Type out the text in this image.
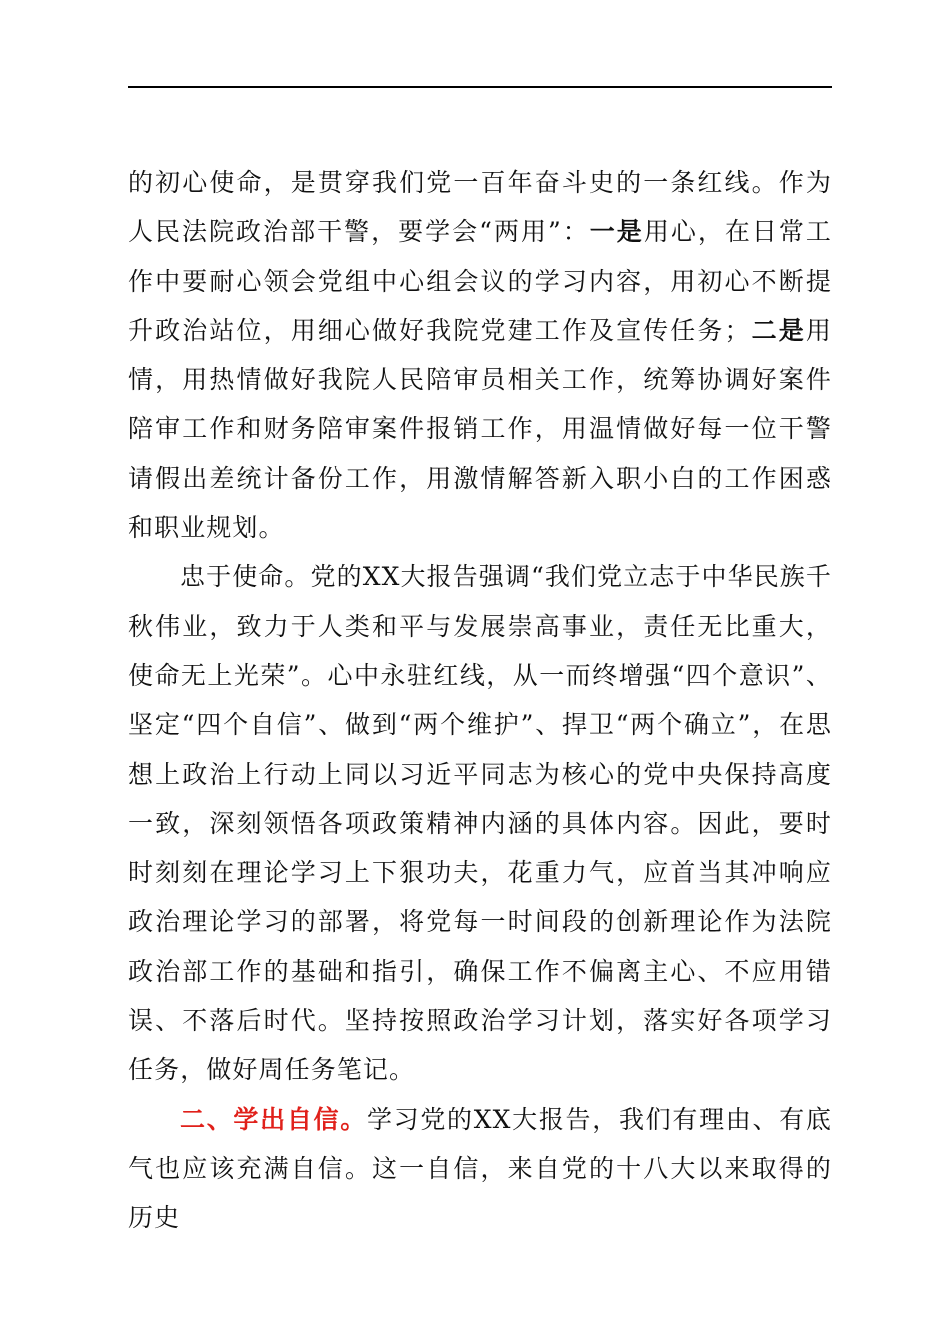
的初心使命，是贯穿我们党一百年奋斗史的一条红线。作为人民法院政治部干警，要学会“两用”：一是用心，在日常工作中要耐心领会党组中心组会议的学习内容，用初心不断提升政治站位，用细心做好我院党建工作及宣传任务；二是用情，用热情做好我院人民陪审员相关工作，统筹协调好案件陪审工作和财务陪审案件报销工作，用温情做好每一位干警请假出差统计备份工作，用激情解答新入职小白的工作困惑和职业规划。

忠于使命。党的XX大报告强调“我们党立志于中华民族千秋伟业，致力于人类和平与发展崇高事业，责任无比重大，使命无上光荣”。心中永驻红线，从一而终增强“四个意识”、坚定“四个自信”、做到“两个维护”、捍卫“两个确立”，在思想上政治上行动上同以习近平同志为核心的党中央保持高度一致，深刻领悟各项政策精神内涵的具体内容。因此，要时时刻刻在理论学习上下狠功夫，花重力气，应首当其冲响应政治理论学习的部署，将党每一时间段的创新理论作为法院政治部工作的基础和指引，确保工作不偏离主心、不应用错误、不落后时代。坚持按照政治学习计划，落实好各项学习任务，做好周任务笔记。

二、学出自信。学习党的XX大报告，我们有理由、有底气也应该充满自信。这一自信，来自党的十八大以来取得的历史
